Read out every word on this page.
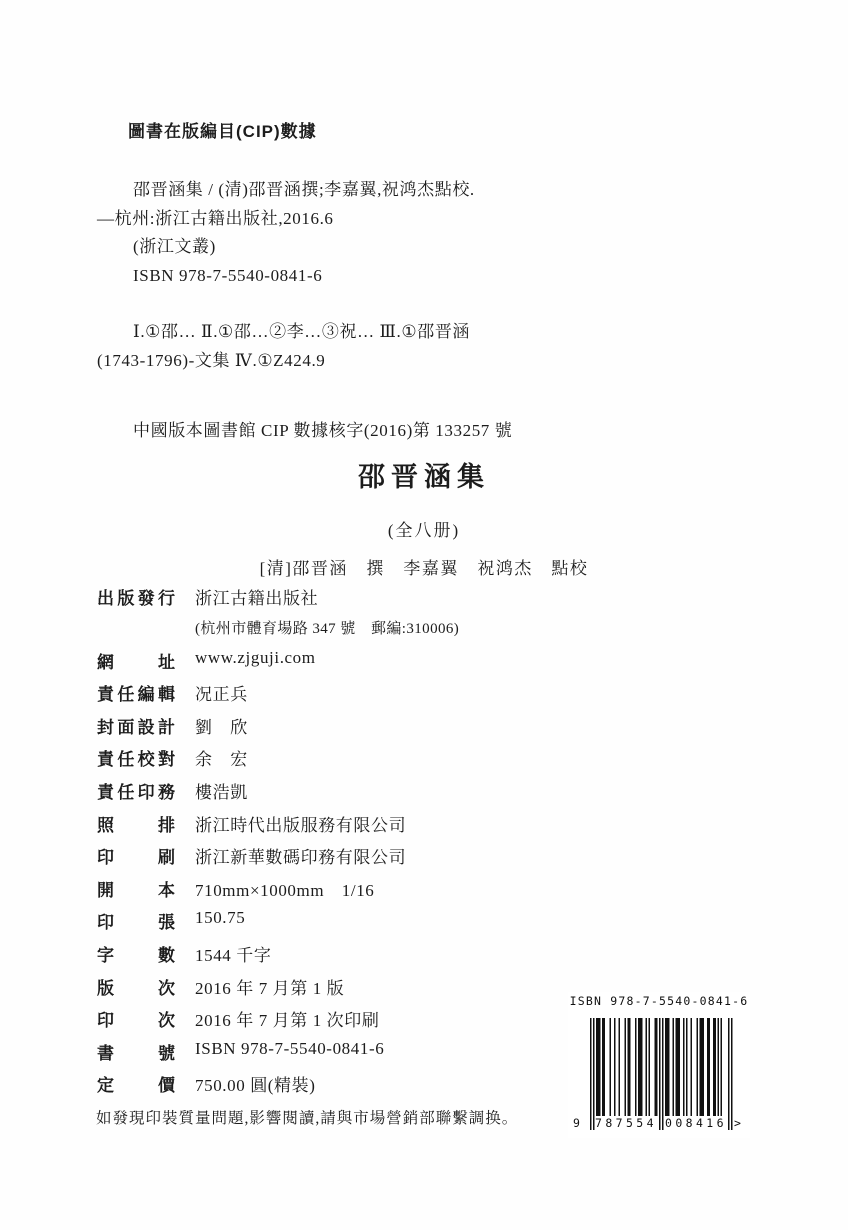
圖書在版編目(CIP)數據
邵晋涵集 / (清)邵晋涵撰;李嘉翼,祝鸿杰點校.
—杭州:浙江古籍出版社,2016.6
(浙江文叢)
ISBN 978-7-5540-0841-6
Ⅰ.①邵… Ⅱ.①邵…②李…③祝… Ⅲ.①邵晋涵
(1743-1796)-文集 Ⅳ.①Z424.9
中國版本圖書館 CIP 數據核字(2016)第 133257 號
邵晋涵集
(全八册)
[清]邵晋涵　撰　李嘉翼　祝鸿杰　點校
出版發行 浙江古籍出版社
(杭州市體育場路 347 號　郵編:310006)
網址 www.zjguji.com
責任編輯 况正兵
封面設計 劉　欣
責任校對 余　宏
責任印務 樓浩凱
照排 浙江時代出版服務有限公司
印刷 浙江新華數碼印務有限公司
開本 710mm×1000mm　1/16
印張 150.75
字數 1544 千字
版次 2016 年 7 月第 1 版
印次 2016 年 7 月第 1 次印刷
書號 ISBN 978-7-5540-0841-6
定價 750.00 圓(精裝)
如發現印裝質量問題,影響閱讀,請與市場營銷部聯繫調换。
ISBN 978-7-5540-0841-6
9 787554 008416 >
